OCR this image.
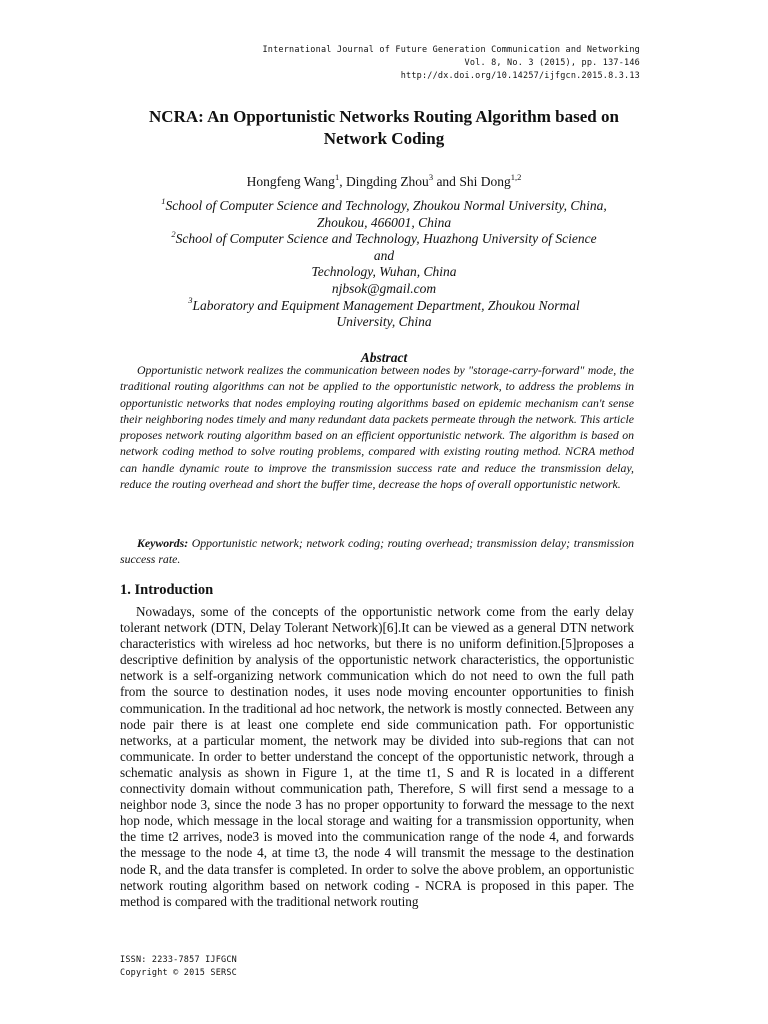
International Journal of Future Generation Communication and Networking
Vol. 8, No. 3 (2015), pp. 137-146
http://dx.doi.org/10.14257/ijfgcn.2015.8.3.13
NCRA: An Opportunistic Networks Routing Algorithm based on
Network Coding
Hongfeng Wang$^1$, Dingding Zhou$^3$ and Shi Dong$^{1,2}$
$^1$School of Computer Science and Technology, Zhoukou Normal University, China,
Zhoukou, 466001, China
$^2$School of Computer Science and Technology, Huazhong University of Science
and
Technology, Wuhan, China
njbsok@gmail.com
$^3$Laboratory and Equipment Management Department, Zhoukou Normal
University, China
Abstract

Opportunistic network realizes the communication between nodes by "storage-carry-forward" mode, the traditional routing algorithms can not be applied to the opportunistic network, to address the problems in opportunistic networks that nodes employing routing algorithms based on epidemic mechanism can't sense their neighboring nodes timely and many redundant data packets permeate through the network. This article proposes network routing algorithm based on an efficient opportunistic network. The algorithm is based on network coding method to solve routing problems, compared with existing routing method. NCRA method can handle dynamic route to improve the transmission success rate and reduce the transmission delay, reduce the routing overhead and short the buffer time, decrease the hops of overall opportunistic network.

Keywords: Opportunistic network; network coding; routing overhead; transmission delay; transmission success rate.

1. Introduction

Nowadays, some of the concepts of the opportunistic network come from the early delay tolerant network (DTN, Delay Tolerant Network)[6].It can be viewed as a general DTN network characteristics with wireless ad hoc networks, but there is no uniform definition.[5]proposes a descriptive definition by analysis of the opportunistic network characteristics, the opportunistic network is a self-organizing network communication which do not need to own the full path from the source to destination nodes, it uses node moving encounter opportunities to finish communication. In the traditional ad hoc network, the network is mostly connected. Between any node pair there is at least one complete end side communication path. For opportunistic networks, at a particular moment, the network may be divided into sub-regions that can not communicate. In order to better understand the concept of the opportunistic network, through a schematic analysis as shown in Figure 1, at the time t1, S and R is located in a different connectivity domain without communication path, Therefore, S will first send a message to a neighbor node 3, since the node 3 has no proper opportunity to forward the message to the next hop node, which message in the local storage and waiting for a transmission opportunity, when the time t2 arrives, node3 is moved into the communication range of the node 4, and forwards the message to the node 4, at time t3, the node 4 will transmit the message to the destination node R, and the data transfer is completed. In order to solve the above problem, an opportunistic network routing algorithm based on network coding - NCRA is proposed in this paper. The method is compared with the traditional network routing

ISSN: 2233-7857 IJFGCN
Copyright © 2015 SERSC
